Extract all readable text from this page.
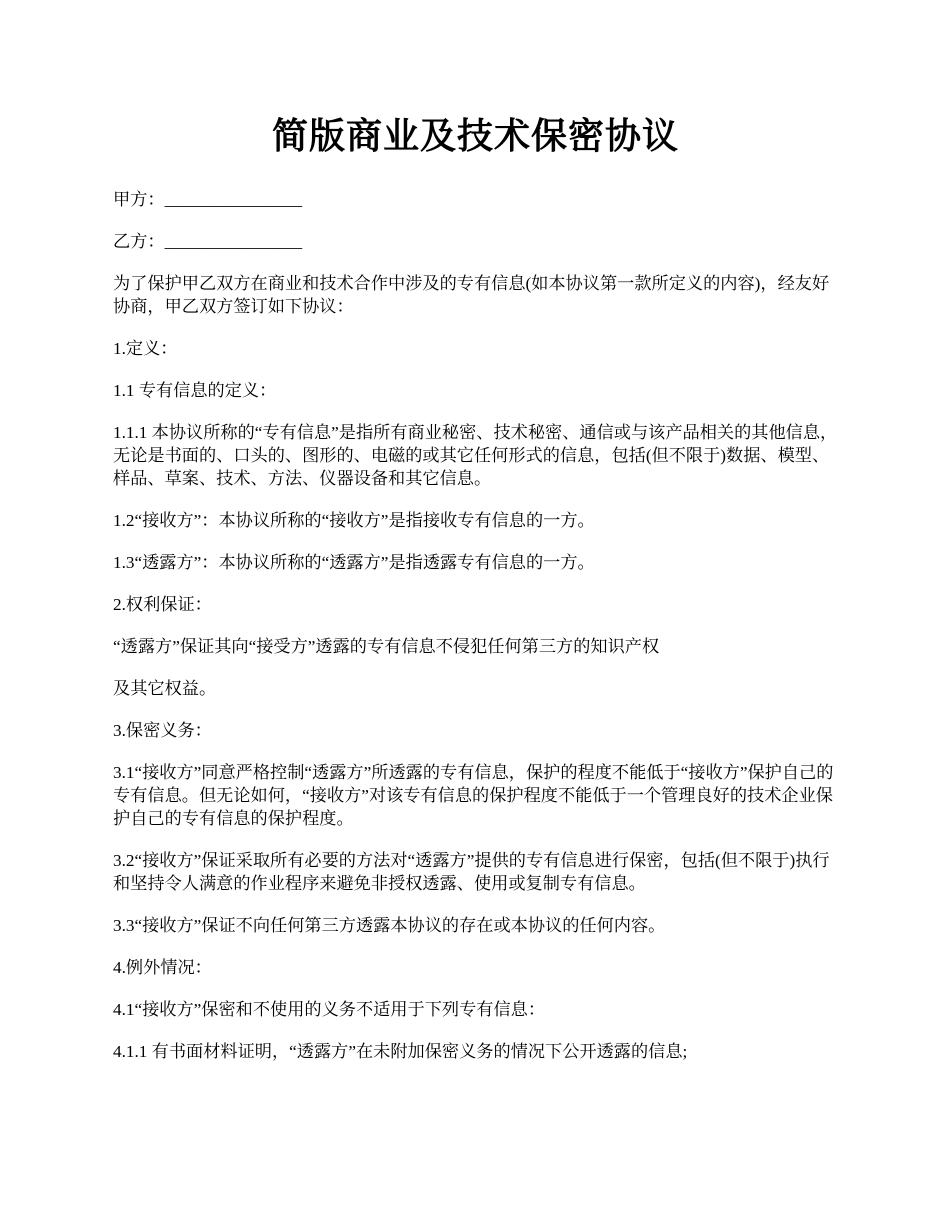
简版商业及技术保密协议

甲方：________________

乙方：________________

为了保护甲乙双方在商业和技术合作中涉及的专有信息(如本协议第一款所定义的内容)，经友好协商，甲乙双方签订如下协议：

1.定义：

1.1 专有信息的定义：

1.1.1 本协议所称的“专有信息”是指所有商业秘密、技术秘密、通信或与该产品相关的其他信息，无论是书面的、口头的、图形的、电磁的或其它任何形式的信息，包括(但不限于)数据、模型、样品、草案、技术、方法、仪器设备和其它信息。

1.2“接收方”：本协议所称的“接收方”是指接收专有信息的一方。

1.3“透露方”：本协议所称的“透露方”是指透露专有信息的一方。

2.权利保证：

“透露方”保证其向“接受方”透露的专有信息不侵犯任何第三方的知识产权

及其它权益。

3.保密义务：

3.1“接收方”同意严格控制“透露方”所透露的专有信息，保护的程度不能低于“接收方”保护自己的专有信息。但无论如何，“接收方”对该专有信息的保护程度不能低于一个管理良好的技术企业保护自己的专有信息的保护程度。

3.2“接收方”保证采取所有必要的方法对“透露方”提供的专有信息进行保密，包括(但不限于)执行和坚持令人满意的作业程序来避免非授权透露、使用或复制专有信息。

3.3“接收方”保证不向任何第三方透露本协议的存在或本协议的任何内容。

4.例外情况：

4.1“接收方”保密和不使用的义务不适用于下列专有信息：

4.1.1 有书面材料证明，“透露方”在未附加保密义务的情况下公开透露的信息;
